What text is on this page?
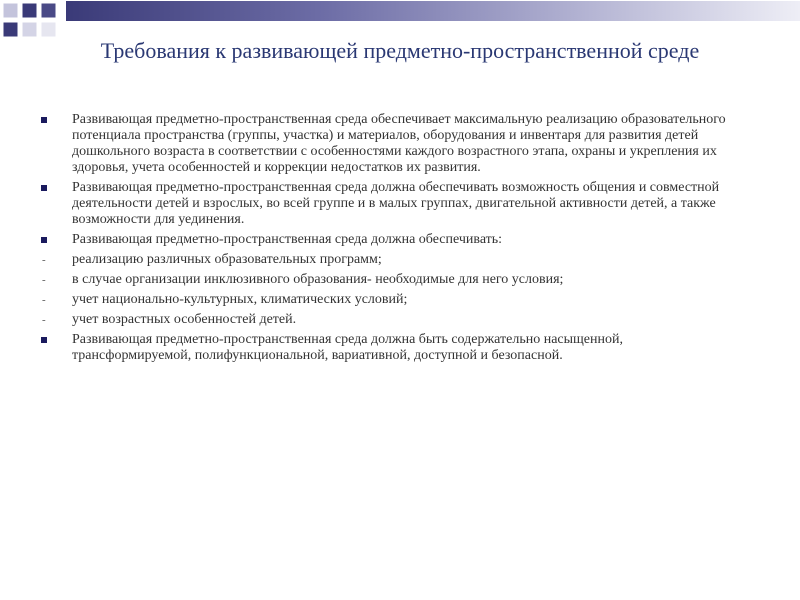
Требования к развивающей предметно-пространственной среде
Развивающая предметно-пространственная среда обеспечивает максимальную реализацию образовательного потенциала пространства (группы, участка) и материалов, оборудования и инвентаря для развития детей дошкольного возраста в соответствии с особенностями каждого возрастного этапа, охраны и укрепления их здоровья, учета особенностей и коррекции недостатков их развития.
Развивающая предметно-пространственная среда должна обеспечивать возможность общения и совместной деятельности детей и взрослых, во всей группе и в малых группах, двигательной активности детей, а также возможности для уединения.
Развивающая предметно-пространственная среда должна обеспечивать:
- реализацию различных образовательных программ;
- в случае организации инклюзивного образования- необходимые для него условия;
- учет национально-культурных, климатических условий;
- учет возрастных особенностей детей.
Развивающая предметно-пространственная среда должна быть содержательно насыщенной, трансформируемой, полифункциональной, вариативной, доступной и безопасной.
